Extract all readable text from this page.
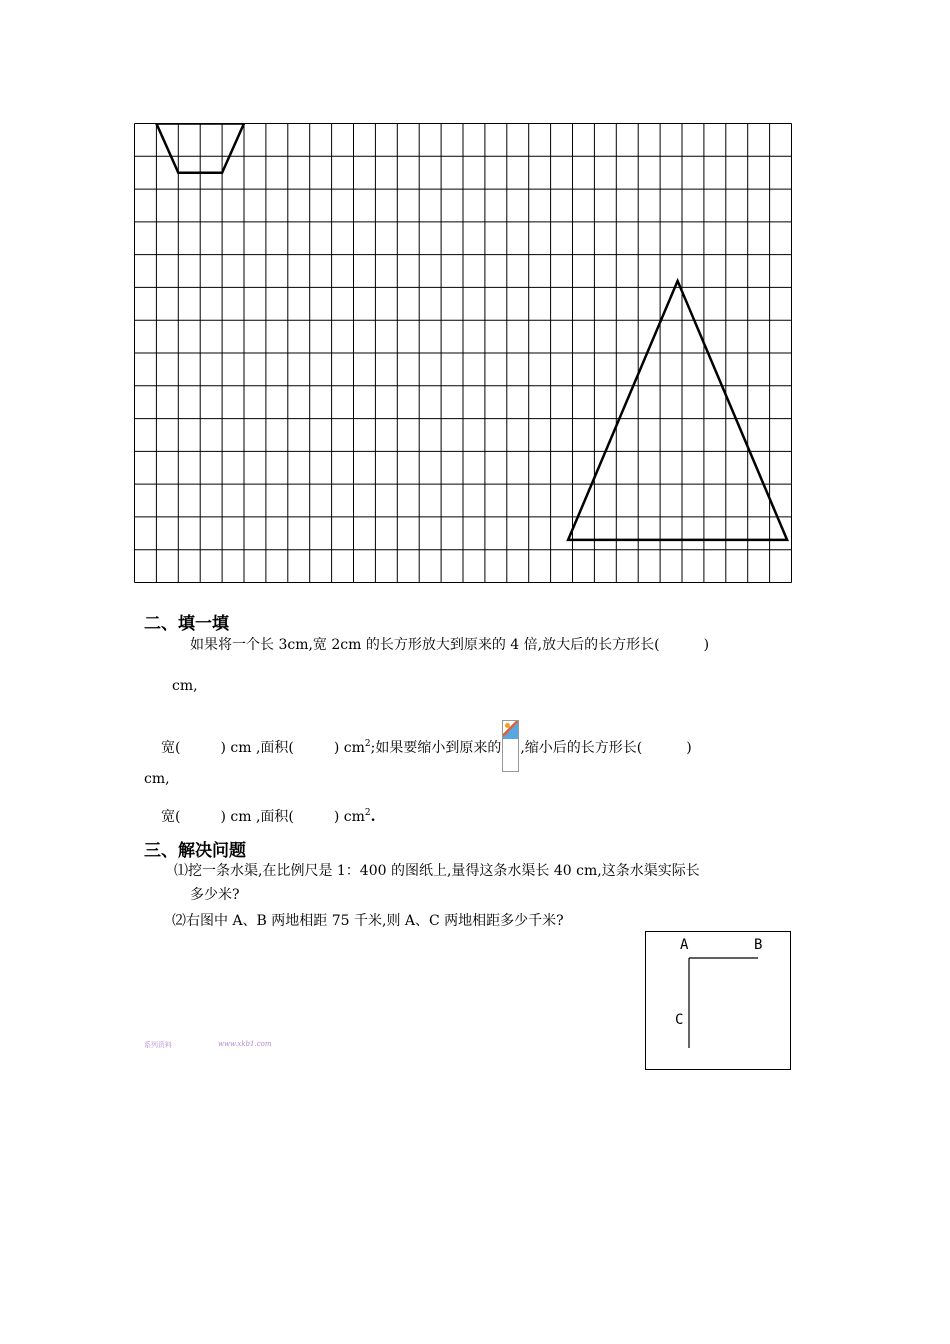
二、填一填
如果将一个长 3cm,宽 2cm 的长方形放大到原来的 4 倍,放大后的长方形长(	)
cm,
宽(	) cm ,面积(	) $cm^2$;如果要缩小到原来的 ,缩小后的长方形长(	)
cm,
宽(	) cm ,面积(	) $cm^2$.
三、解决问题
⑴挖一条水渠,在比例尺是 1：400 的图纸上,量得这条水渠长 40 cm,这条水渠实际长
多少米?
⑵右图中 A、B 两地相距 75 千米,则 A、C 两地相距多少千米?
系列资料	www.xkb1.com
A	B
C
